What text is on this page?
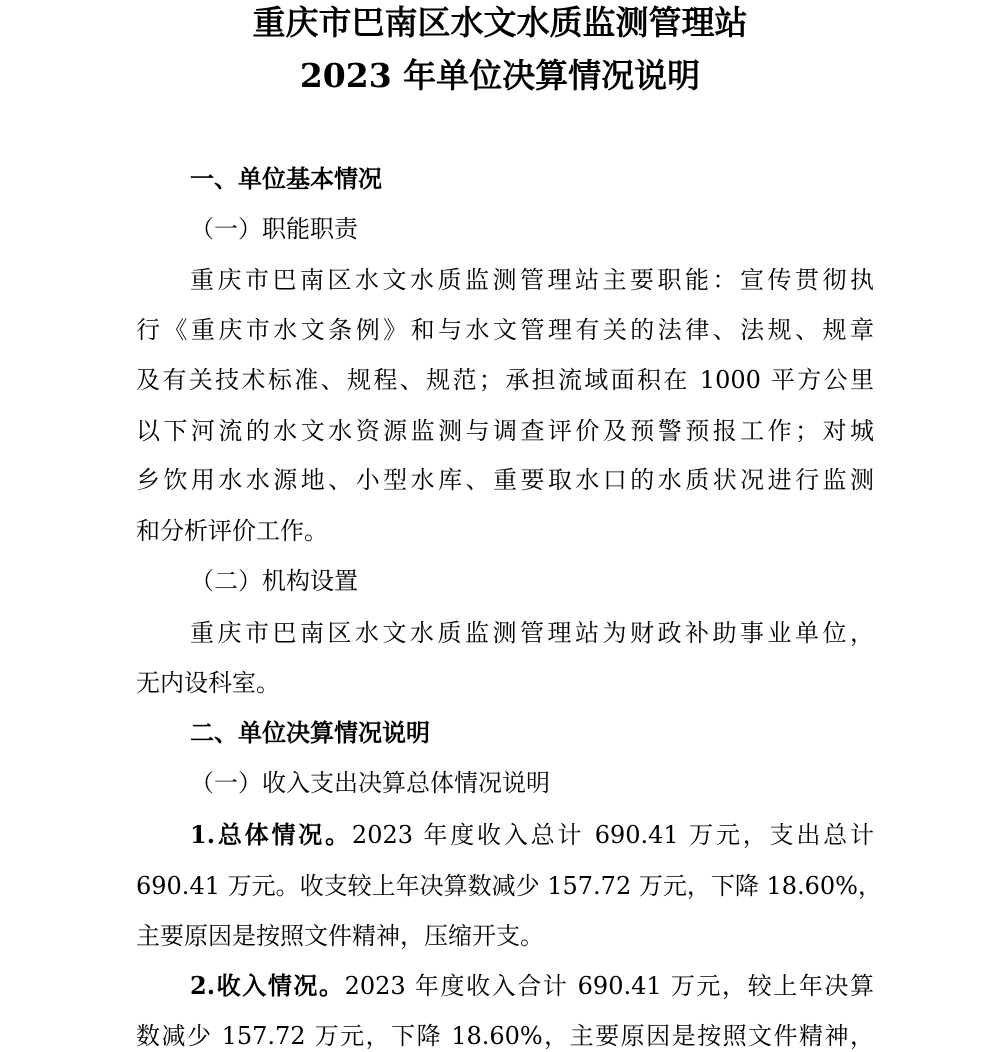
重庆市巴南区水文水质监测管理站
2023 年单位决算情况说明
一、单位基本情况
（一）职能职责
重庆市巴南区水文水质监测管理站主要职能：宣传贯彻执
行《重庆市水文条例》和与水文管理有关的法律、法规、规章
及有关技术标准、规程、规范；承担流域面积在 1000 平方公里
以下河流的水文水资源监测与调查评价及预警预报工作；对城
乡饮用水水源地、小型水库、重要取水口的水质状况进行监测
和分析评价工作。
（二）机构设置
重庆市巴南区水文水质监测管理站为财政补助事业单位，
无内设科室。
二、单位决算情况说明
（一）收入支出决算总体情况说明
1.总体情况。2023 年度收入总计 690.41 万元，支出总计
690.41 万元。收支较上年决算数减少 157.72 万元，下降 18.60%，
主要原因是按照文件精神，压缩开支。
2.收入情况。2023 年度收入合计 690.41 万元，较上年决算
数减少 157.72 万元，下降 18.60%，主要原因是按照文件精神，
